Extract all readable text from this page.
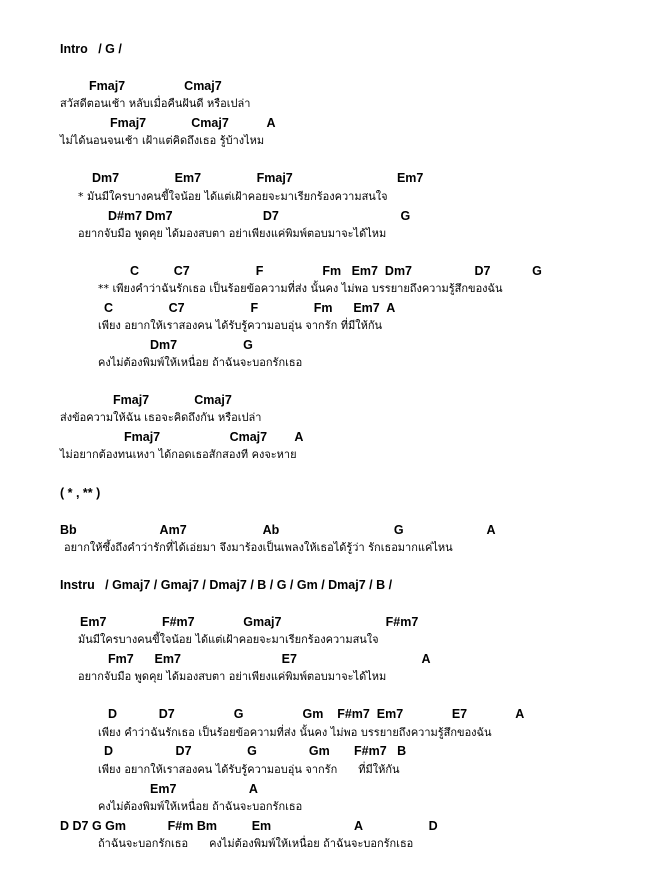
Intro   / G /
Fmaj7                 Cmaj7
สวัสดีตอนเช้า หลับเมื่อคืนฝันดี หรือเปล่า
Fmaj7             Cmaj7           A
ไม่ได้นอนจนเช้า เฝ้าแต่คิดถึงเธอ รู้บ้างไหม
Dm7                Em7                Fmaj7                              Em7
* มันมีใครบางคนขี้ใจน้อย ได้แต่เฝ้าคอยจะมาเรียกร้องความสนใจ
D#m7 Dm7                          D7                                   G
อยากจับมือ พูดคุย ได้มองสบตา อย่าเพียงแค่พิมพ์ตอบมาจะได้ไหม
C          C7                   F                 Fm   Em7  Dm7                  D7            G
** เพียงคำว่าฉันรักเธอ เป็นร้อยข้อความที่ส่ง นั้นคง ไม่พอ บรรยายถึงความรู้สึกของฉัน
C                C7                   F                Fm      Em7  A
เพียง อยากให้เราสองคน ได้รับรู้ความอบอุ่น จากรัก ที่มีให้กัน
Dm7                   G
คงไม่ต้องพิมพ์ให้เหนื่อย ถ้าฉันจะบอกรักเธอ
Fmaj7             Cmaj7
ส่งข้อความให้ฉัน เธอจะคิดถึงกัน หรือเปล่า
Fmaj7                    Cmaj7        A
ไม่อยากต้องทนเหงา ได้กอดเธอสักสองที คงจะหาย
( * , ** )
Bb                        Am7                      Ab                                 G                        A
อยากให้ซึ้งถึงคำว่ารักที่ได้เอ่ยมา จึงมาร้องเป็นเพลงให้เธอได้รู้ว่า รักเธอมากแค่ไหน
Instru   / Gmaj7 / Gmaj7 / Dmaj7 / B / G / Gm / Dmaj7 / B /
Em7                F#m7              Gmaj7                              F#m7
มันมีใครบางคนขี้ใจน้อย ได้แต่เฝ้าคอยจะมาเรียกร้องความสนใจ
Fm7      Em7                             E7                                    A
อยากจับมือ พูดคุย ได้มองสบตา อย่าเพียงแค่พิมพ์ตอบมาจะได้ไหม
D            D7                 G                 Gm    F#m7  Em7              E7              A
เพียง คำว่าฉันรักเธอ เป็นร้อยข้อความที่ส่ง นั้นคง ไม่พอ บรรยายถึงความรู้สึกของฉัน
D                  D7                G               Gm       F#m7   B
เพียง อยากให้เราสองคน ได้รับรู้ความอบอุ่น จากรัก      ที่มีให้กัน
Em7                     A
คงไม่ต้องพิมพ์ให้เหนื่อย ถ้าฉันจะบอกรักเธอ
D D7 G Gm            F#m Bm          Em                        A                   D
ถ้าฉันจะบอกรักเธอ      คงไม่ต้องพิมพ์ให้เหนื่อย ถ้าฉันจะบอกรักเธอ
